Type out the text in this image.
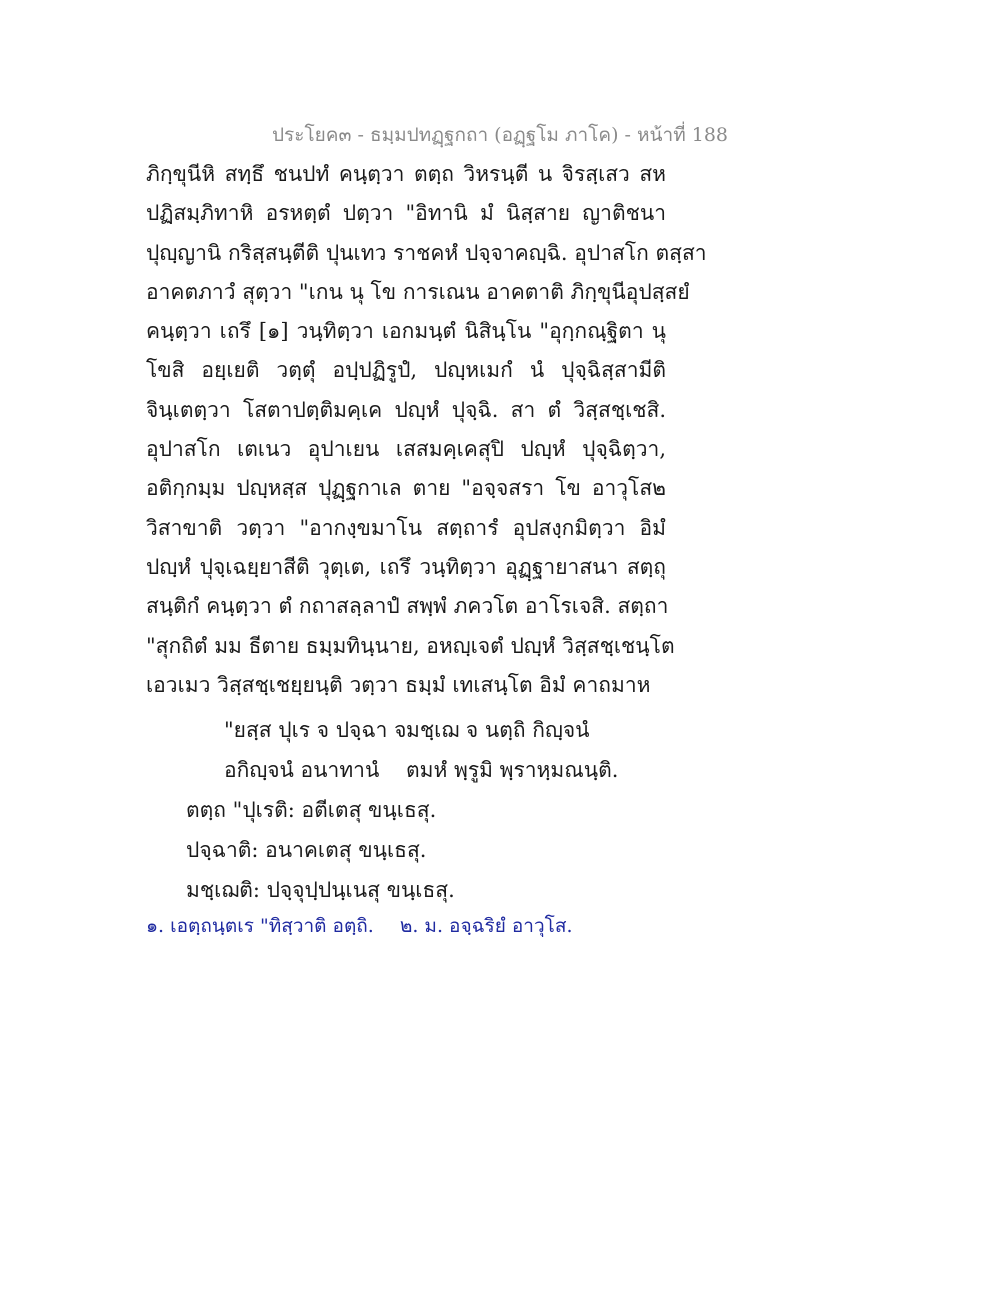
ประโยค๓ - ธมฺมปทฏฺฐกถา (อฏฺฐโม ภาโค) - หน้าที่ 188
ภิกฺขุนีหิ สทฺธึ ชนปทํ คนฺตฺวา ตตฺถ วิหรนฺตี น จิรสฺเสว สห
ปฏิสมฺภิทาหิ อรหตฺตํ ปตฺวา "อิทานิ มํ นิสฺสาย ญาติชนา
ปุญฺญานิ กริสฺสนฺตีติ ปุนเทว ราชคหํ ปจฺจาคญฺฉิ. อุปาสโก ตสฺสา
อาคตภาวํ สุตฺวา "เกน นุ โข การเณน อาคตาติ ภิกฺขุนีอุปสฺสยํ
คนฺตฺวา เถรึ [๑] วนฺทิตฺวา เอกมนฺตํ นิสินฺโน "อุกฺกณฺฐิตา นุ
โขสิ อยฺเยติ วตฺตุํ อปฺปฏิรูปํ, ปญฺหเมกํ นํ ปุจฺฉิสฺสามีติ
จินฺเตตฺวา โสตาปตฺติมคฺเค ปญฺหํ ปุจฺฉิ. สา ตํ วิสฺสชฺเชสิ.
อุปาสโก เตเนว อุปาเยน เสสมคฺเคสุปิ ปญฺหํ ปุจฺฉิตฺวา,
อติกฺกมฺม ปญฺหสฺส ปุฏฺฐกาเล ตาย "อจฺจสรา โข อาวุโส๒
วิสาขาติ วตฺวา "อากงฺขมาโน สตฺถารํ อุปสงฺกมิตฺวา อิมํ
ปญฺหํ ปุจฺเฉยฺยาสีติ วุตฺเต, เถรึ วนฺทิตฺวา อุฏฺฐายาสนา สตฺถุ
สนฺติกํ คนฺตฺวา ตํ กถาสลฺลาปํ สพฺพํ ภควโต อาโรเจสิ. สตฺถา
"สุกถิตํ มม ธีตาย ธมฺมทินฺนาย, อหญฺเจตํ ปญฺหํ วิสฺสชฺเชนฺโต
เอวเมว วิสฺสชฺเชยฺยนฺติ วตฺวา ธมฺมํ เทเสนฺโต อิมํ คาถมาห
"ยสฺส ปุเร จ ปจฺฉา จมชฺเฌ จ นตฺถิ กิญฺจนํ
อกิญฺจนํ อนาทานํ ตมหํ พฺรูมิ พฺราหฺมณนฺติ.
ตตฺถ "ปุเรติ: อตีเตสุ ขนฺเธสุ.
ปจฺฉาติ: อนาคเตสุ ขนฺเธสุ.
มชฺเฌติ: ปจฺจุปฺปนฺเนสุ ขนฺเธสุ.
๑. เอตฺถนฺตเร "ทิสฺวาติ อตฺถิ. ๒. ม. อจฺฉริยํ อาวุโส.
